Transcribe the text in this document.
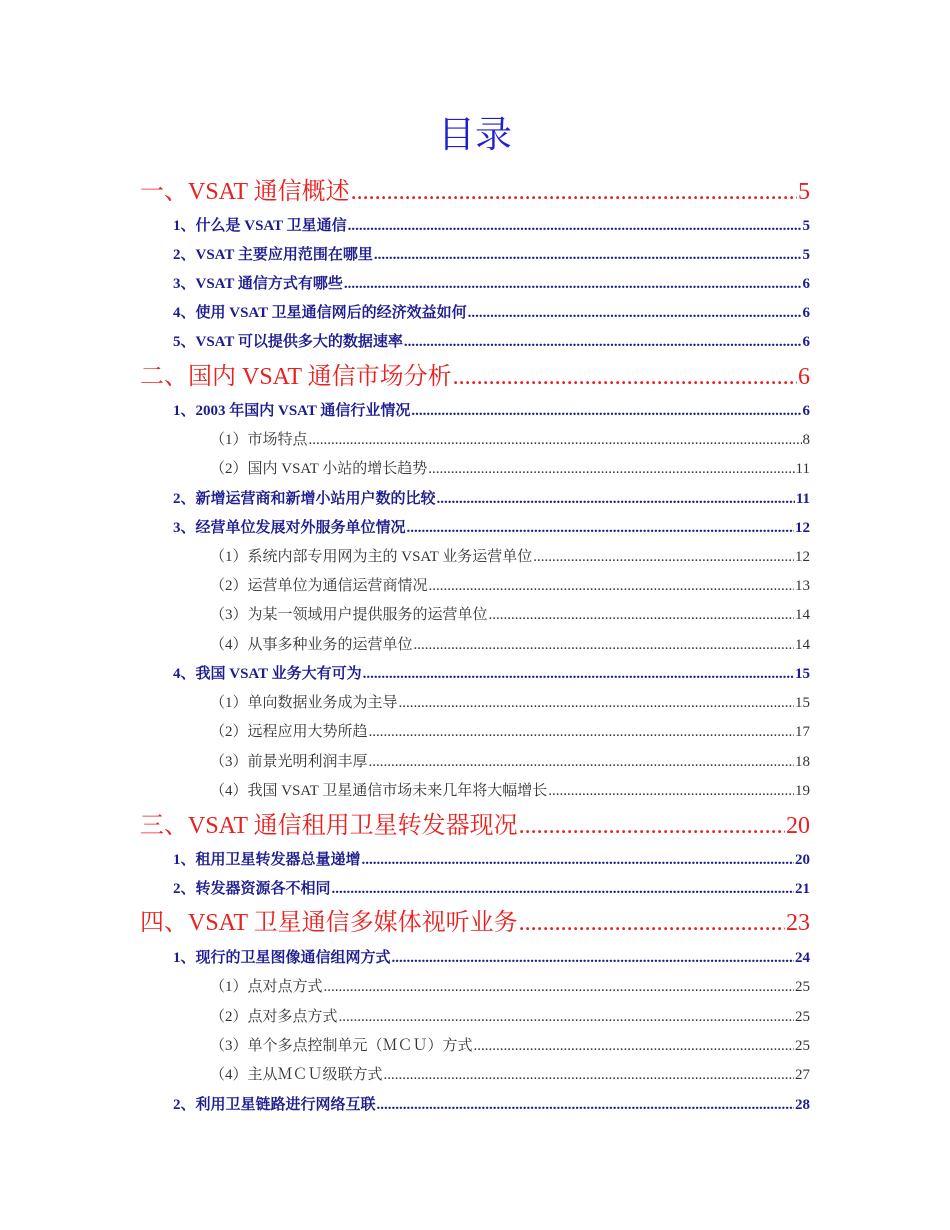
目录
一、VSAT 通信概述 .....	5
1、什么是 VSAT 卫星通信 .....	5
2、VSAT 主要应用范围在哪里 .....	5
3、VSAT 通信方式有哪些 .....	6
4、使用 VSAT 卫星通信网后的经济效益如何 .....	6
5、VSAT 可以提供多大的数据速率 .....	6
二、国内 VSAT 通信市场分析 .....	6
1、2003 年国内 VSAT 通信行业情况 .....	6
（1）市场特点 .....	8
（2）国内 VSAT 小站的增长趋势 .....	11
2、新增运营商和新增小站用户数的比较 .....	11
3、经营单位发展对外服务单位情况 .....	12
（1）系统内部专用网为主的 VSAT 业务运营单位 .....	12
（2）运营单位为通信运营商情况 .....	13
（3）为某一领域用户提供服务的运营单位 .....	14
（4）从事多种业务的运营单位 .....	14
4、我国 VSAT 业务大有可为 .....	15
（1）单向数据业务成为主导 .....	15
（2）远程应用大势所趋 .....	17
（3）前景光明利润丰厚 .....	18
（4）我国 VSAT 卫星通信市场未来几年将大幅增长 .....	19
三、VSAT 通信租用卫星转发器现况 .....	20
1、租用卫星转发器总量递增 .....	20
2、转发器资源各不相同 .....	21
四、VSAT 卫星通信多媒体视听业务 .....	23
1、现行的卫星图像通信组网方式 .....	24
（1）点对点方式 .....	25
（2）点对多点方式 .....	25
（3）单个多点控制单元（ＭＣＵ）方式 .....	25
（4）主从ＭＣＵ级联方式 .....	27
2、利用卫星链路进行网络互联 .....	28
